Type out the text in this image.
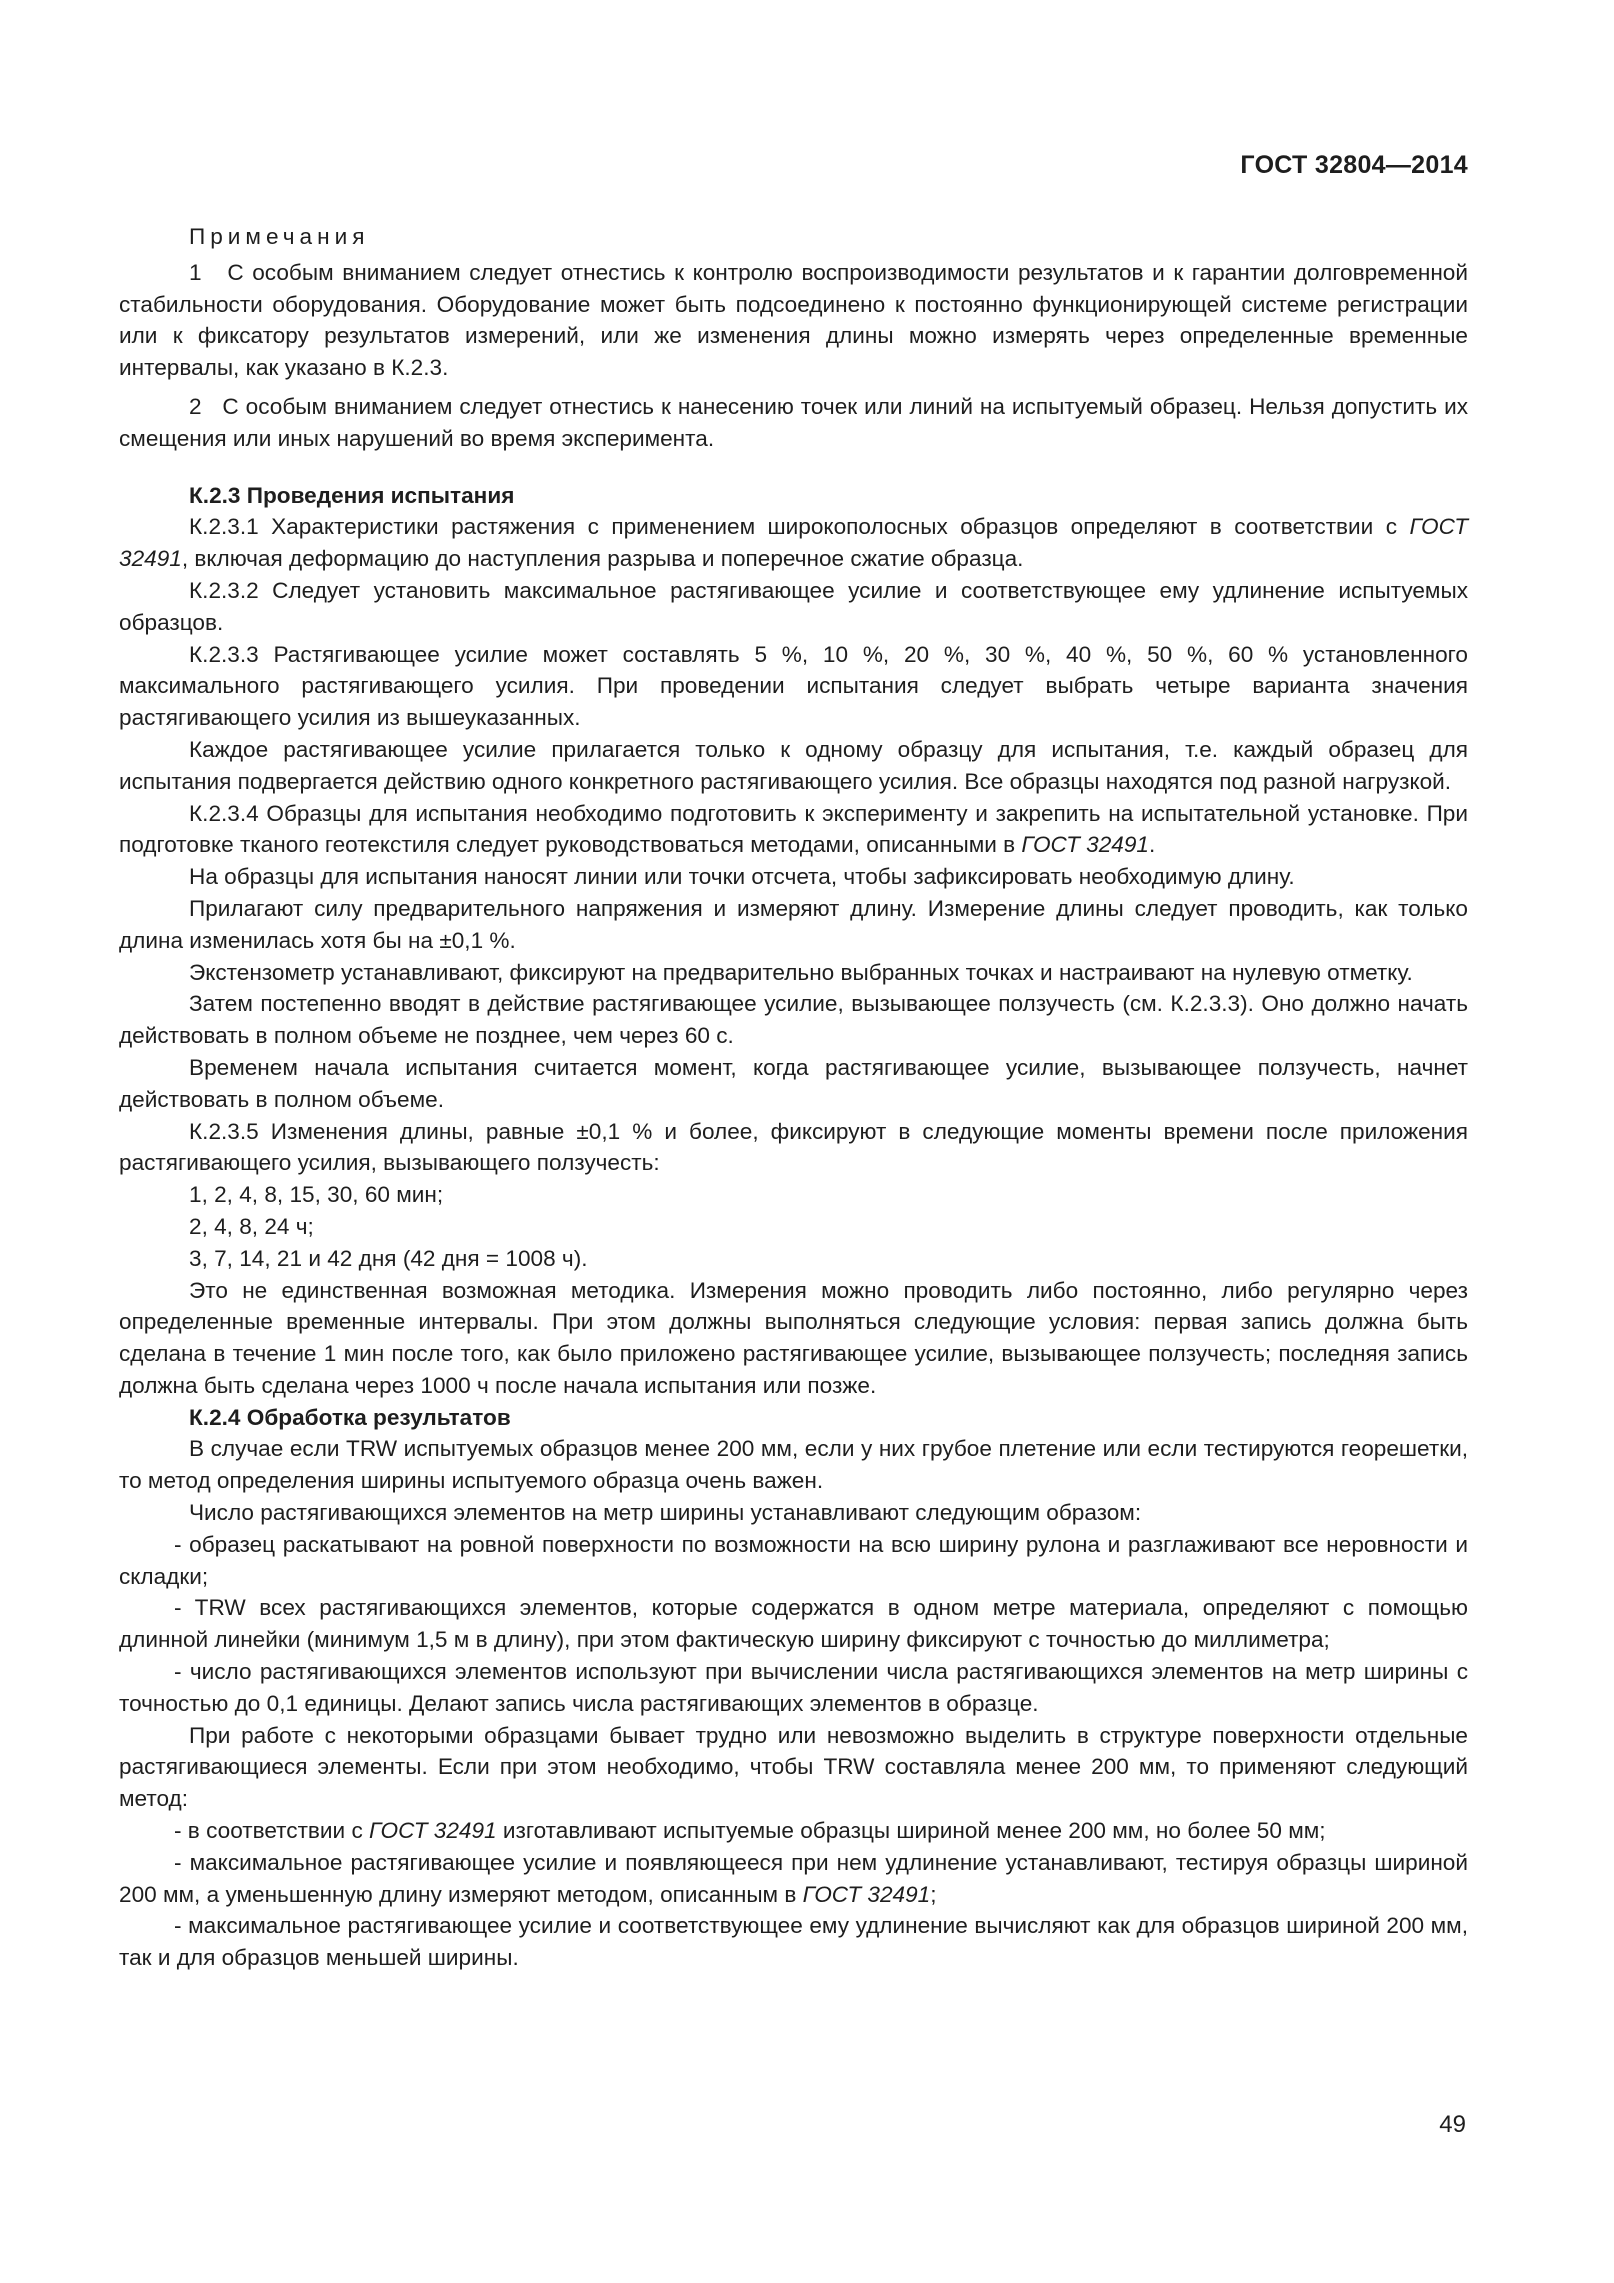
ГОСТ 32804—2014

Примечания

1 С особым вниманием следует отнестись к контролю воспроизводимости результатов и к гарантии долговременной стабильности оборудования. Оборудование может быть подсоединено к постоянно функционирующей системе регистрации или к фиксатору результатов измерений, или же изменения длины можно измерять через определенные временные интервалы, как указано в К.2.3.

2 С особым вниманием следует отнестись к нанесению точек или линий на испытуемый образец. Нельзя допустить их смещения или иных нарушений во время эксперимента.

К.2.3 Проведения испытания

К.2.3.1 Характеристики растяжения с применением широкополосных образцов определяют в соответствии с ГОСТ 32491, включая деформацию до наступления разрыва и поперечное сжатие образца.

К.2.3.2 Следует установить максимальное растягивающее усилие и соответствующее ему удлинение испытуемых образцов.

К.2.3.3 Растягивающее усилие может составлять 5 %, 10 %, 20 %, 30 %, 40 %, 50 %, 60 % установленного максимального растягивающего усилия. При проведении испытания следует выбрать четыре варианта значения растягивающего усилия из вышеуказанных.

Каждое растягивающее усилие прилагается только к одному образцу для испытания, т.е. каждый образец для испытания подвергается действию одного конкретного растягивающего усилия. Все образцы находятся под разной нагрузкой.

К.2.3.4 Образцы для испытания необходимо подготовить к эксперименту и закрепить на испытательной установке. При подготовке тканого геотекстиля следует руководствоваться методами, описанными в ГОСТ 32491.

На образцы для испытания наносят линии или точки отсчета, чтобы зафиксировать необходимую длину.

Прилагают силу предварительного напряжения и измеряют длину. Измерение длины следует проводить, как только длина изменилась хотя бы на ±0,1 %.

Экстензометр устанавливают, фиксируют на предварительно выбранных точках и настраивают на нулевую отметку.

Затем постепенно вводят в действие растягивающее усилие, вызывающее ползучесть (см. К.2.3.3). Оно должно начать действовать в полном объеме не позднее, чем через 60 с.

Временем начала испытания считается момент, когда растягивающее усилие, вызывающее ползучесть, начнет действовать в полном объеме.

К.2.3.5 Изменения длины, равные ±0,1 % и более, фиксируют в следующие моменты времени после приложения растягивающего усилия, вызывающего ползучесть:

1, 2, 4, 8, 15, 30, 60 мин;

2, 4, 8, 24 ч;

3, 7, 14, 21 и 42 дня (42 дня = 1008 ч).

Это не единственная возможная методика. Измерения можно проводить либо постоянно, либо регулярно через определенные временные интервалы. При этом должны выполняться следующие условия: первая запись должна быть сделана в течение 1 мин после того, как было приложено растягивающее усилие, вызывающее ползучесть; последняя запись должна быть сделана через 1000 ч после начала испытания или позже.

К.2.4 Обработка результатов

В случае если TRW испытуемых образцов менее 200 мм, если у них грубое плетение или если тестируются георешетки, то метод определения ширины испытуемого образца очень важен.

Число растягивающихся элементов на метр ширины устанавливают следующим образом:

- образец раскатывают на ровной поверхности по возможности на всю ширину рулона и разглаживают все неровности и складки;

- TRW всех растягивающихся элементов, которые содержатся в одном метре материала, определяют с помощью длинной линейки (минимум 1,5 м в длину), при этом фактическую ширину фиксируют с точностью до миллиметра;

- число растягивающихся элементов используют при вычислении числа растягивающихся элементов на метр ширины с точностью до 0,1 единицы. Делают запись числа растягивающих элементов в образце.

При работе с некоторыми образцами бывает трудно или невозможно выделить в структуре поверхности отдельные растягивающиеся элементы. Если при этом необходимо, чтобы TRW составляла менее 200 мм, то применяют следующий метод:

- в соответствии с ГОСТ 32491 изготавливают испытуемые образцы шириной менее 200 мм, но более 50 мм;

- максимальное растягивающее усилие и появляющееся при нем удлинение устанавливают, тестируя образцы шириной 200 мм, а уменьшенную длину измеряют методом, описанным в ГОСТ 32491;

- максимальное растягивающее усилие и соответствующее ему удлинение вычисляют как для образцов шириной 200 мм, так и для образцов меньшей ширины.

49
